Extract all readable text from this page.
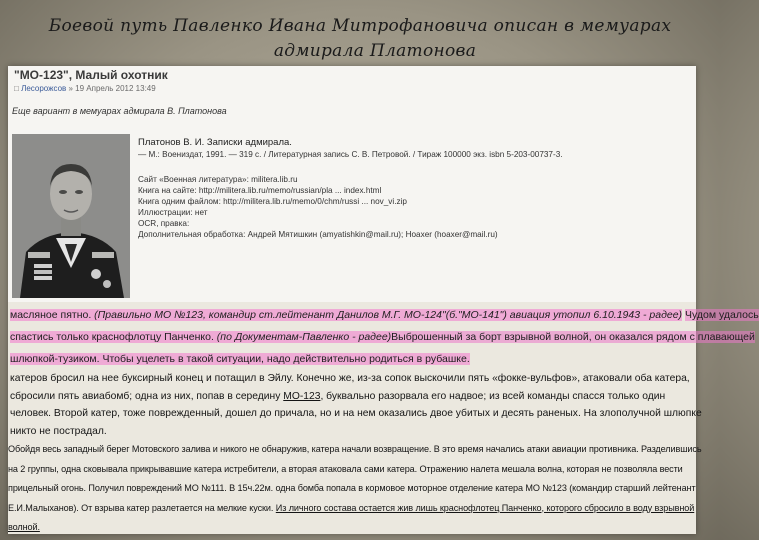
Боевой путь Павленко Ивана Митрофановича описан в мемуарах
адмирала Платонова
"МО-123", Малый охотник
□ Лесорожсов » 19 Апрель 2012 13:49
Еще вариант в мемуарах адмирала В. Платонова
Платонов В. И. Записки адмирала.
— М.: Воениздат, 1991. — 319 с. / Литературная запись С. В. Петровой. / Тираж 100000 экз. isbn 5-203-00737-3.
Сайт «Военная литература»: militera.lib.ru
Книга на сайте: http://militera.lib.ru/memo/russian/pla ... index.html
Книга одним файлом: http://militera.lib.ru/memo/0/chm/russi ... nov_vi.zip
Иллюстрации: нет
OCR, правка:
Дополнительная обработка: Андрей Мятишкин (amyatishkin@mail.ru); Hoaxer (hoaxer@mail.ru)
масляное пятно. (Правильно МО №123, командир ст.лейтенант Данилов М.Г. МО-124"(б."МО-141") авиация утопил 6.10.1943 - радее) Чудом удалось
спастись только краснофлотцу Панченко. (по Документам-Павленко - радее)Выброшенный за борт взрывной волной, он оказался рядом с плавающей
шлюпкой-тузиком. Чтобы уцелеть в такой ситуации, надо действительно родиться в рубашке.
катеров бросил на нее буксирный конец и потащил в Эйлу. Конечно же, из-за сопок выскочили пять «фокке-вульфов», атаковали оба катера, сбросили пять авиабомб; одна из них, попав в середину МО-123, буквально разорвала его надвое; из всей команды спасся только один человек. Второй катер, тоже поврежденный, дошел до причала, но и на нем оказались двое убитых и десять раненых. На злополучной шлюпке никто не пострадал.
Обойдя весь западный берег Мотовского залива и никого не обнаружив, катера начали возвращение. В это время начались атаки авиации противника. Разделившись на 2 группы, одна сковывала прикрывавшие катера истребители, а вторая атаковала сами катера. Отражению налета мешала волна, которая не позволяла вести прицельный огонь. Получил повреждений МО №111. В 15ч.22м. одна бомба попала в кормовое моторное отделение катера МО №123 (командир старший лейтенант Е.И.Малыханов). От взрыва катер разлетается на мелкие куски. Из личного состава остается жив лишь краснофлотец Панченко, которого сбросило в воду взрывной волной.
